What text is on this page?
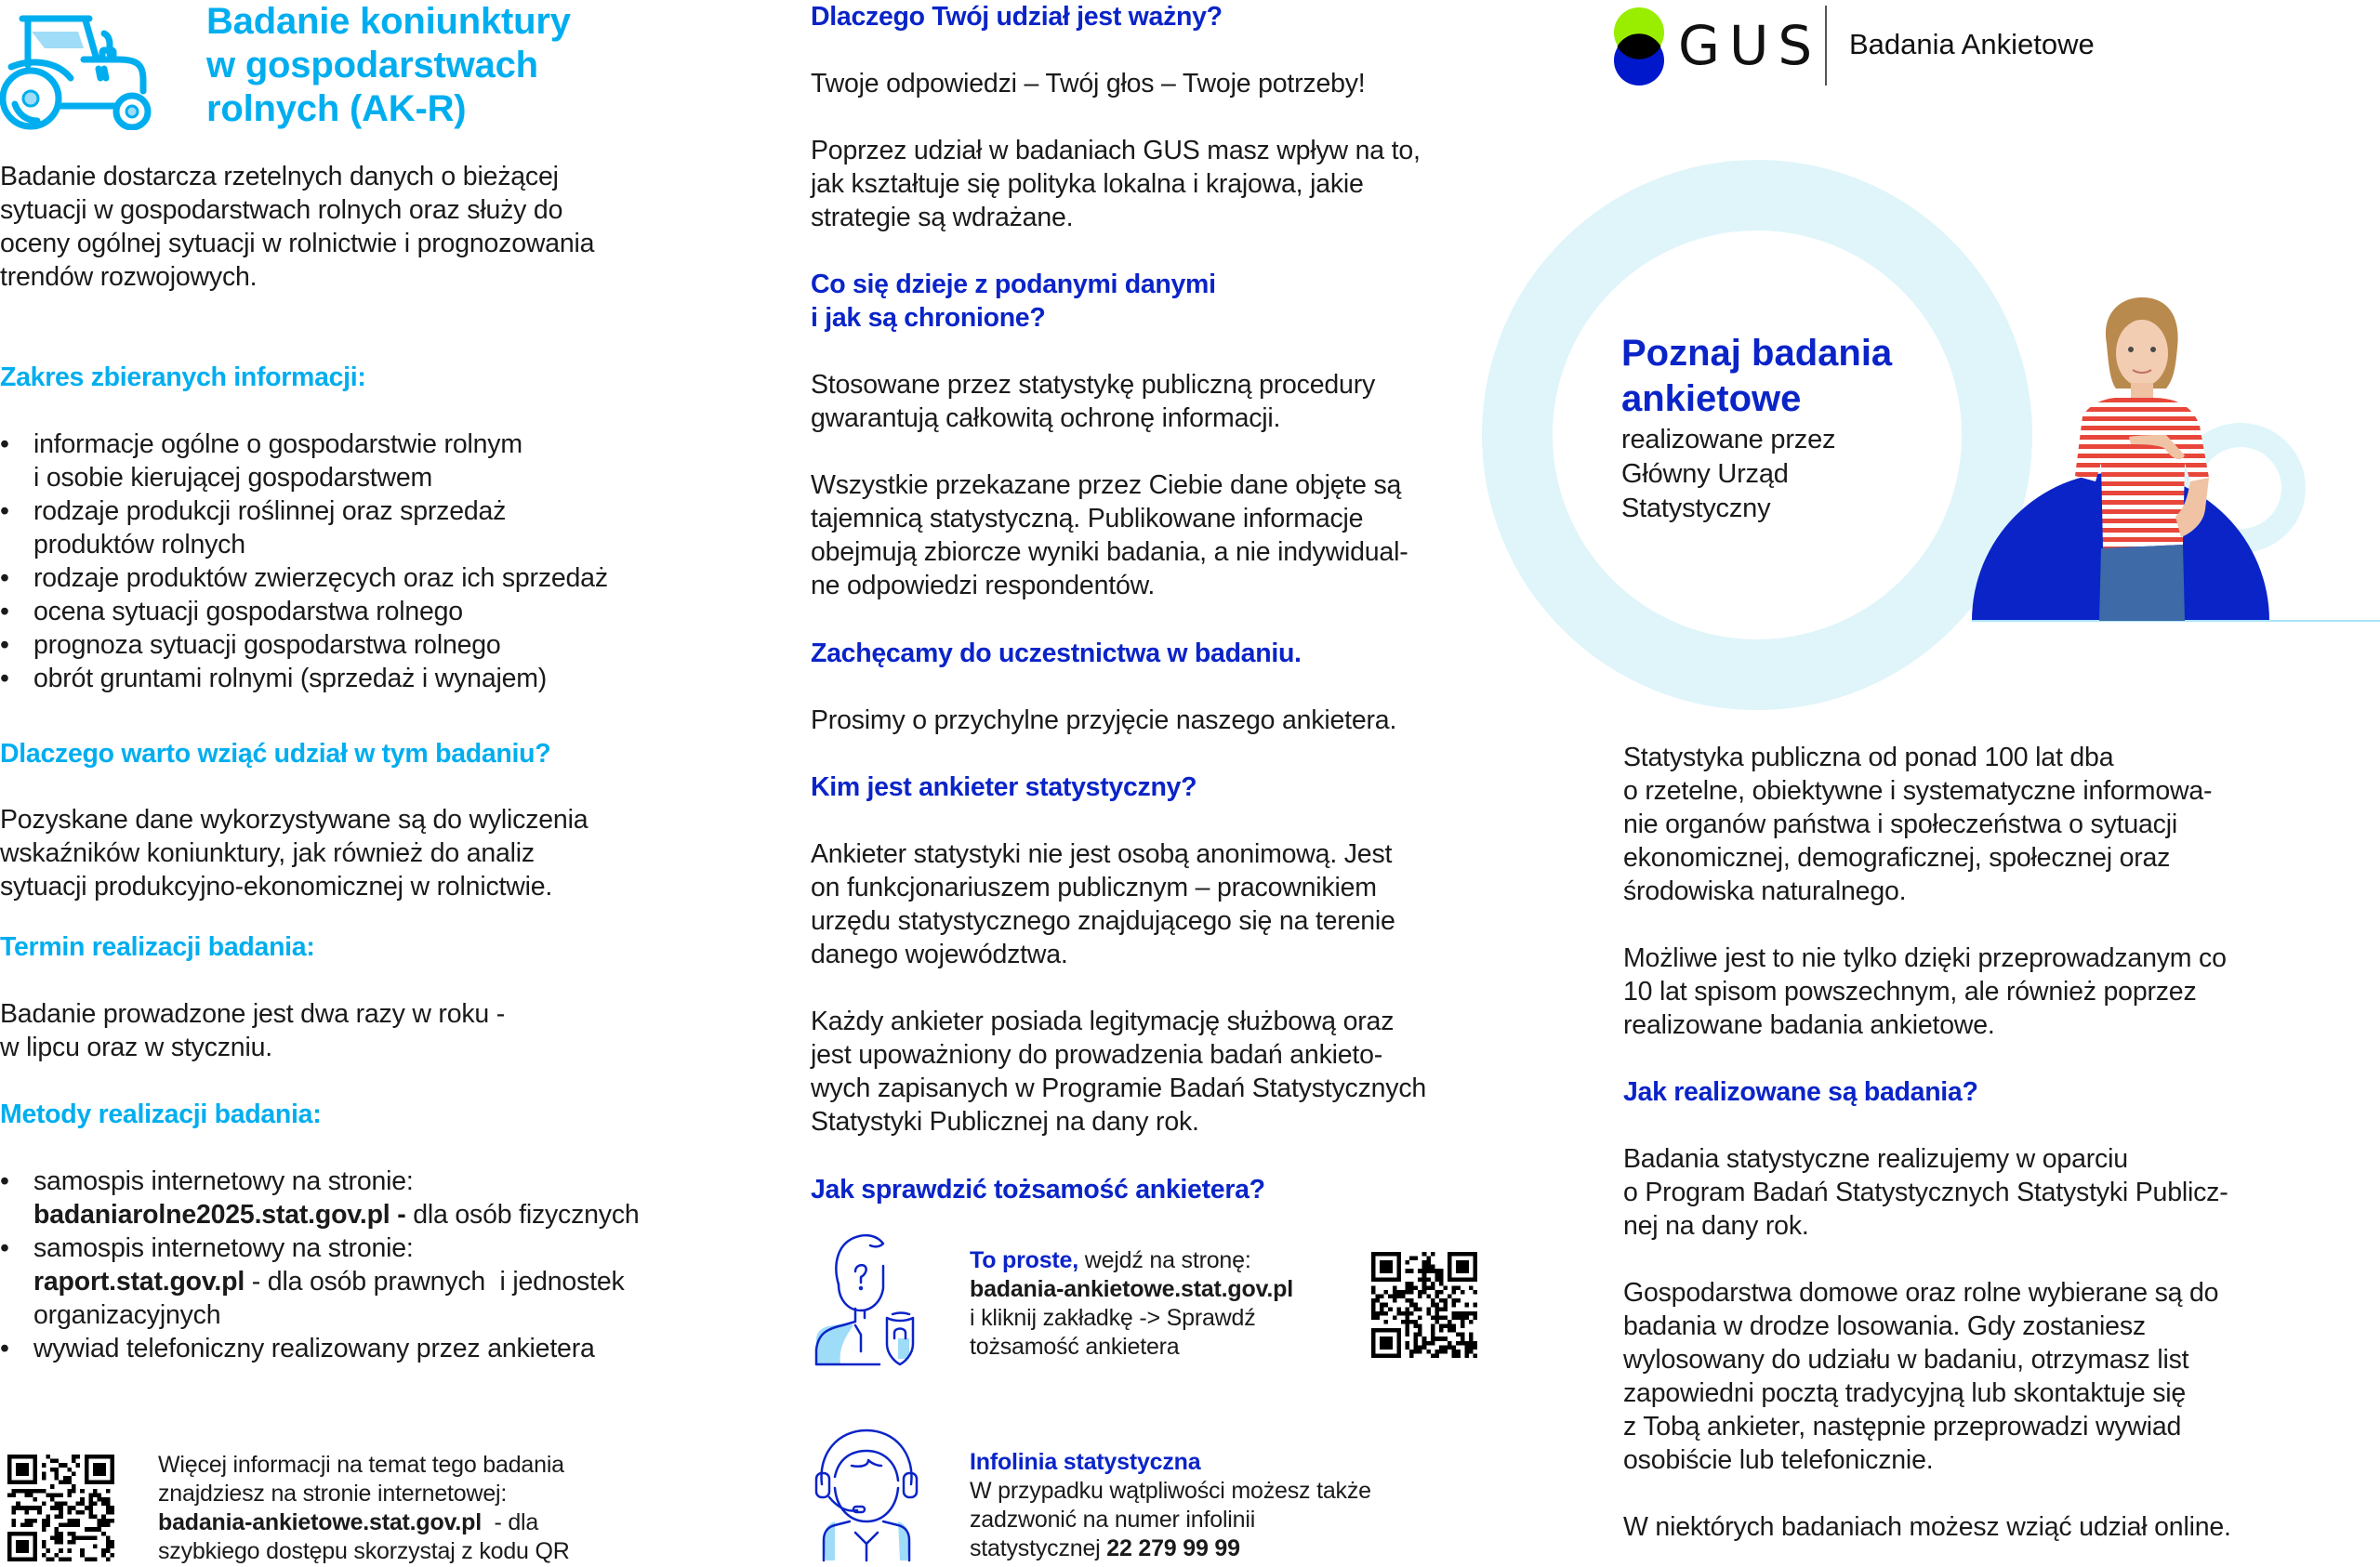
Badanie koniunktury
w gospodarstwach
rolnych (AK-R)
Badanie dostarcza rzetelnych danych o bieżącej
sytuacji w gospodarstwach rolnych oraz służy do
oceny ogólnej sytuacji w rolnictwie i prognozowania
trendów rozwojowych.
Zakres zbieranych informacji:
• informacje ogólne o gospodarstwie rolnym
i osobie kierującej gospodarstwem
• rodzaje produkcji roślinnej oraz sprzedaż
produktów rolnych
• rodzaje produktów zwierzęcych oraz ich sprzedaż
• ocena sytuacji gospodarstwa rolnego
• prognoza sytuacji gospodarstwa rolnego
• obrót gruntami rolnymi (sprzedaż i wynajem)
Dlaczego warto wziąć udział w tym badaniu?
Pozyskane dane wykorzystywane są do wyliczenia
wskaźników koniunktury, jak również do analiz
sytuacji produkcyjno-ekonomicznej w rolnictwie.
Termin realizacji badania:
Badanie prowadzone jest dwa razy w roku -
w lipcu oraz w styczniu.
Metody realizacji badania:
• samospis internetowy na stronie:
badaniarolne2025.stat.gov.pl - dla osób fizycznych
• samospis internetowy na stronie:
raport.stat.gov.pl - dla osób prawnych  i jednostek
organizacyjnych
• wywiad telefoniczny realizowany przez ankietera
Więcej informacji na temat tego badania
znajdziesz na stronie internetowej:
badania-ankietowe.stat.gov.pl  - dla
szybkiego dostępu skorzystaj z kodu QR
Dlaczego Twój udział jest ważny?
Twoje odpowiedzi – Twój głos – Twoje potrzeby!
Poprzez udział w badaniach GUS masz wpływ na to,
jak kształtuje się polityka lokalna i krajowa, jakie
strategie są wdrażane.
Co się dzieje z podanymi danymi
i jak są chronione?
Stosowane przez statystykę publiczną procedury
gwarantują całkowitą ochronę informacji.
Wszystkie przekazane przez Ciebie dane objęte są
tajemnicą statystyczną. Publikowane informacje
obejmują zbiorcze wyniki badania, a nie indywidual-
ne odpowiedzi respondentów.
Zachęcamy do uczestnictwa w badaniu.
Prosimy o przychylne przyjęcie naszego ankietera.
Kim jest ankieter statystyczny?
Ankieter statystyki nie jest osobą anonimową. Jest
on funkcjonariuszem publicznym – pracownikiem
urzędu statystycznego znajdującego się na terenie
danego województwa.
Każdy ankieter posiada legitymację służbową oraz
jest upoważniony do prowadzenia badań ankieto-
wych zapisanych w Programie Badań Statystycznych
Statystyki Publicznej na dany rok.
Jak sprawdzić tożsamość ankietera?
To proste, wejdź na stronę:
badania-ankietowe.stat.gov.pl
i kliknij zakładkę -> Sprawdź
tożsamość ankietera
Infolinia statystyczna
W przypadku wątpliwości możesz także
zadzwonić na numer infolinii
statystycznej 22 279 99 99
GUS Badania Ankietowe
Poznaj badania
ankietowe
realizowane przez
Główny Urząd
Statystyczny
Statystyka publiczna od ponad 100 lat dba
o rzetelne, obiektywne i systematyczne informowa-
nie organów państwa i społeczeństwa o sytuacji
ekonomicznej, demograficznej, społecznej oraz
środowiska naturalnego.
Możliwe jest to nie tylko dzięki przeprowadzanym co
10 lat spisom powszechnym, ale również poprzez
realizowane badania ankietowe.
Jak realizowane są badania?
Badania statystyczne realizujemy w oparciu
o Program Badań Statystycznych Statystyki Publicz-
nej na dany rok.
Gospodarstwa domowe oraz rolne wybierane są do
badania w drodze losowania. Gdy zostaniesz
wylosowany do udziału w badaniu, otrzymasz list
zapowiedni pocztą tradycyjną lub skontaktuje się
z Tobą ankieter, następnie przeprowadzi wywiad
osobiście lub telefonicznie.
W niektórych badaniach możesz wziąć udział online.
